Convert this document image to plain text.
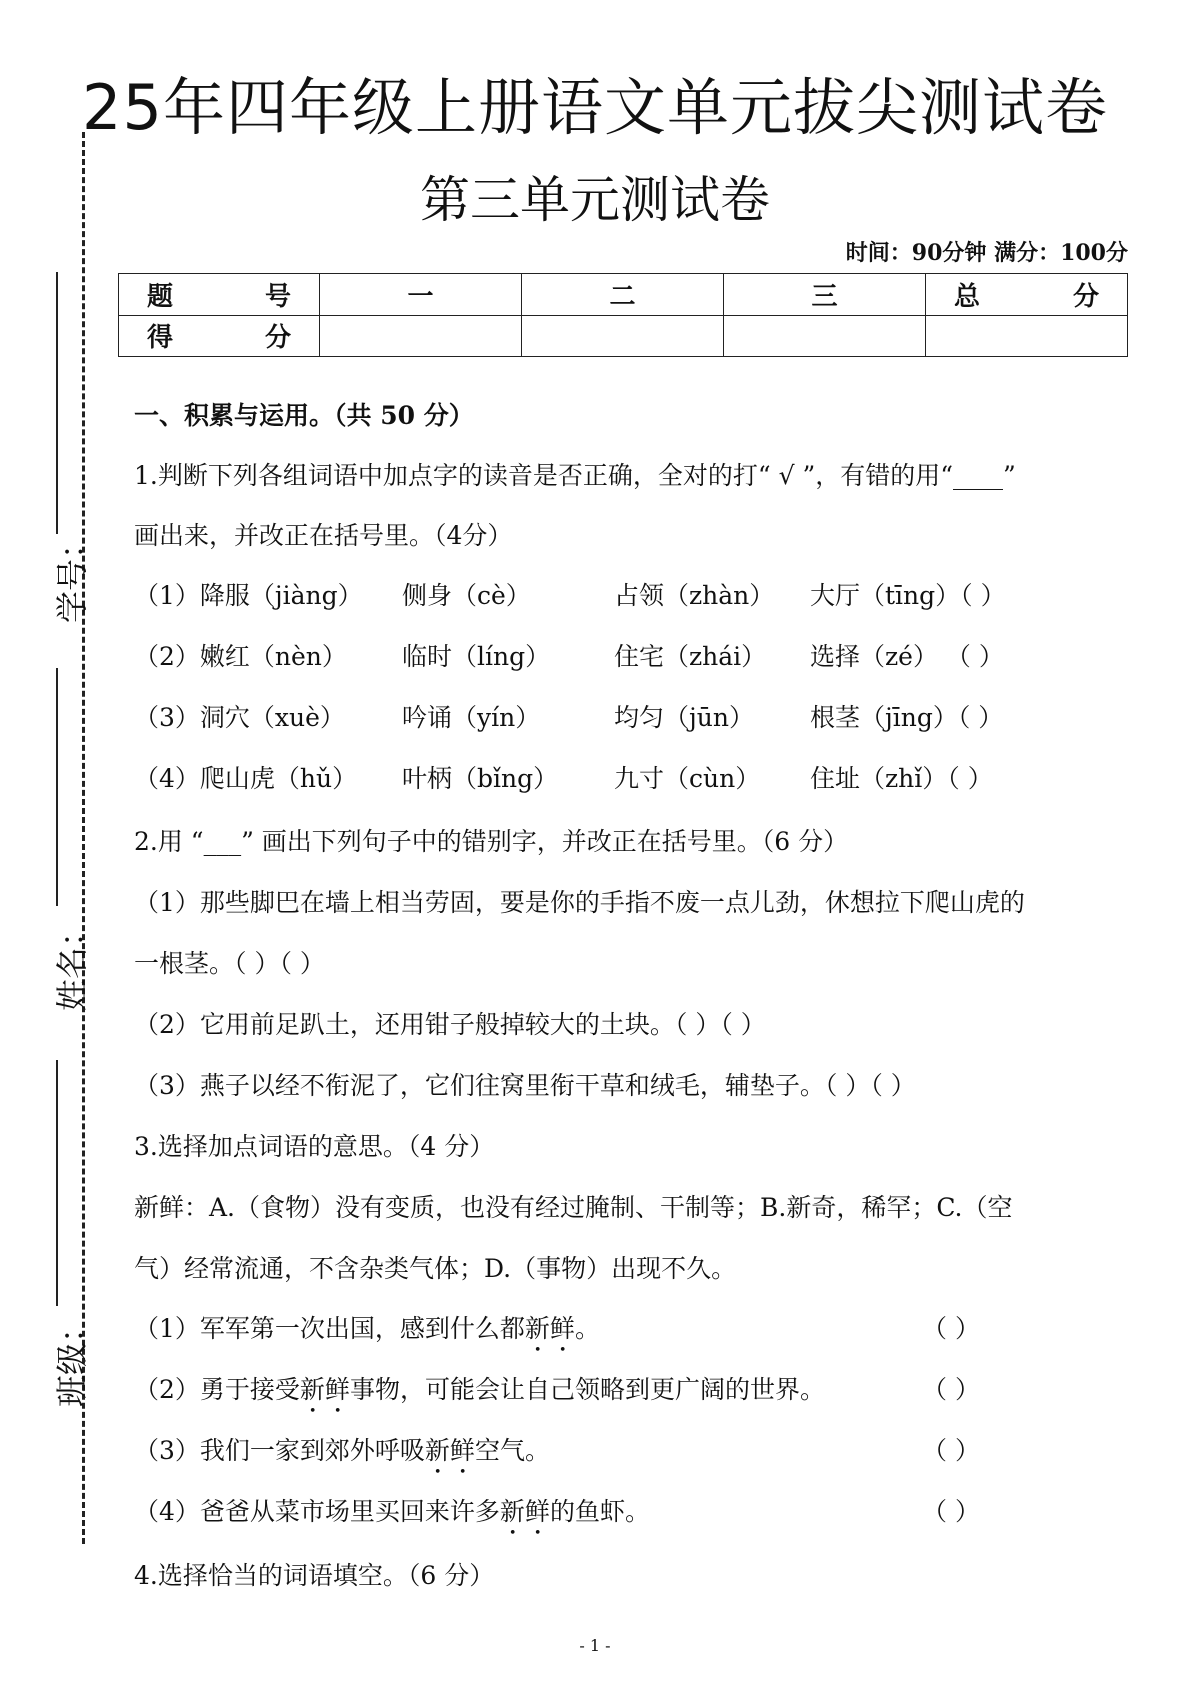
25年四年级上册语文单元拔尖测试卷
第三单元测试卷
时间：90分钟 满分：100分
题 号	一	二	三	总 分

得 分				

学号：
姓名：
班级：
一、积累与运用。（共 50 分）
1.判断下列各组词语中加点字的读音是否正确，全对的打“ √ ”，有错的用“____”
画出来，并改正在括号里。（4分）
（1）降服（jiàng） 侧身（cè）	占领（zhàn） 大厅（tīng）（ ）
（2）嫩红（nèn） 临时（líng）	住宅（zhái） 选择（zé） （ ）
（3）洞穴（xuè） 吟诵（yín）	均匀（jūn） 根茎（jīng）（ ）
（4）爬山虎（hǔ） 叶柄（bǐng） 九寸（cùn） 住址（zhǐ）（ ）
2.用 “___” 画出下列句子中的错别字，并改正在括号里。（6 分）
（1）那些脚巴在墙上相当劳固，要是你的手指不废一点儿劲，休想拉下爬山虎的
一根茎。（ ）（ ）
（2）它用前足趴土，还用钳子般掉较大的土块。（ ）（ ）
（3）燕子以经不衔泥了，它们往窝里衔干草和绒毛，辅垫子。（ ）（ ）
3.选择加点词语的意思。（4 分）
新鲜：A.（食物）没有变质，也没有经过腌制、干制等；B.新奇，稀罕；C.（空
气）经常流通，不含杂类气体；D.（事物）出现不久。
（1）军军第一次出国，感到什么都新鲜。	（ ）
（2）勇于接受新鲜事物，可能会让自己领略到更广阔的世界。	（ ）
（3）我们一家到郊外呼吸新鲜空气。	（ ）
（4）爸爸从菜市场里买回来许多新鲜的鱼虾。	（ ）
4.选择恰当的词语填空。（6 分）
- 1 -
